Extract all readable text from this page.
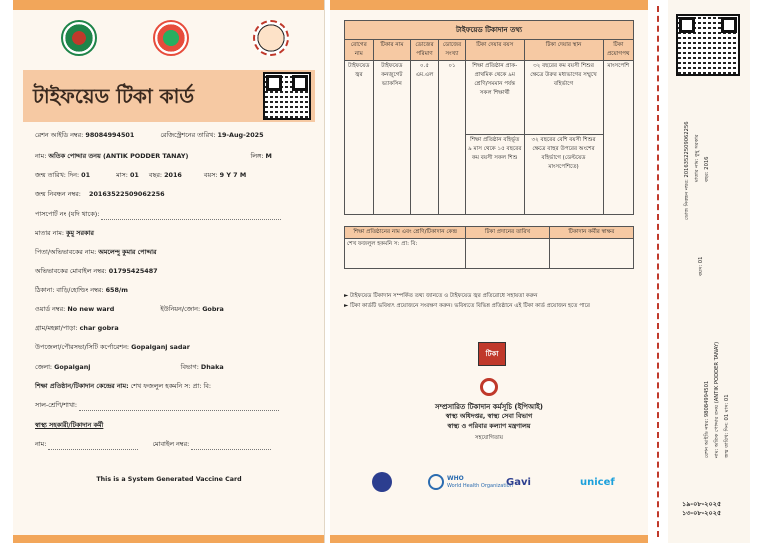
টাইফয়েড টিকা কার্ড
রেশন আইডি নম্বর: 98084994501	রেজিস্ট্রেশনের তারিখ: 19-Aug-2025
নাম: অতিক পোদ্দার তনয় (ANTIK PODDER TANAY)	লিঙ্গ: M
জন্ম তারিখ: দিন: 01	মাস: 01 বছর: 2016	বয়স: 9 Y 7 M
জন্ম নিবন্ধন নম্বর: 20163522509062256
পাসপোর্ট নং (যদি থাকে):
মাতার নাম: কুমু সরকার
পিতা/অভিভাবকের নাম: অমলেন্দু কুমার পোদ্দার
অভিভাবকের মোবাইল নম্বর: 01795425487
ঠিকানা: বাড়ি/হোল্ডিং নম্বর: 658/m
ওয়ার্ড নম্বর: No new ward	ইউনিয়ন/জোন: Gobra
গ্রাম/মহল্লা/পাড়া: char gobra
উপজেলা/পৌরসভা/সিটি কর্পোরেশন: Gopalganj sadar
জেলা: Gopalganj	বিভাগ: Dhaka
শিক্ষা প্রতিষ্ঠান/টিকাদান কেন্দ্রের নাম: শেখ ফজলুল হকমনি স: প্রা: বি:
সাল-শ্রেণি/শাখা:
স্বাস্থ্য সহকারী/টিকাদান কর্মী
নাম:	মোবাইল নম্বর:
This is a System Generated Vaccine Card
টাইফয়েড টিকাদান তথ্য						
রোগের নাম	টিকার নাম	ডোজের পরিমাণ	ডোজের সংখ্যা	টিকা দেয়ার বয়স	টিকা দেয়ার স্থান	টিকা প্রয়োগপথ
টাইফয়েড জ্বর	টাইফয়েড কনজুগেট ভ্যাকসিন	০.৫ এম.এল	০১	শিক্ষা প্রতিষ্ঠান প্রাক-প্রাথমিক থেকে ৯ম শ্রেণি/সমমান পর্যন্ত সকল শিক্ষার্থী	৩২ বছরের কম বয়সী শিশুর ক্ষেত্রে উরুর মধ্যভাগের সম্মুখে বহির্ভাগে	মাংসপেশি
				শিক্ষা প্রতিষ্ঠান বহির্ভূত ৯ মাস থেকে ১৫ বছরের কম বয়সী সকল শিশু	৩২ বছরের বেশি বয়সী শিশুর ক্ষেত্রে বাহুর উপরের অংশের বহির্ভাগে (ডেল্টয়েড মাংসপেশিতে)	
শিক্ষা প্রতিষ্ঠানের নাম এবং শ্রেণি/টিকাদান কেন্দ্র	টিকা প্রদানের তারিখ	টিকাদান কর্মীর স্বাক্ষর
শেখ ফজলুল হকমনি স: প্রা: বি:		
► টাইফয়েড টিকাদান সম্পর্কিত তথ্য জানতে ও টাইফয়েড জ্বর প্রতিরোধে সহায়তা করুন
► টিকা কার্ডটি ভবিষ্যৎ প্রয়োজনে সংরক্ষণ করুন। ভবিষ্যতে বিভিন্ন প্রতিষ্ঠানে এই টিকা কার্ড প্রয়োজন হতে পারে
টিকা
সম্প্রসারিত টিকাদান কর্মসূচি (ইপিআই)
স্বাস্থ্য অধিদপ্তর, স্বাস্থ্য সেবা বিভাগ
স্বাস্থ্য ও পরিবার কল্যাণ মন্ত্রণালয়
সহযোগিতায়
WHO
World Health Organization
Gavi	unicef
ডোজ নিবন্ধন নম্বর: 20163522509062256 মাতার নাম: কুমু সরকার বছর: 2016
বয়স: 01
নাম: অতিক পোদ্দার তনয় (ANTIK PODDER TANAY)
রেশন আইডি নম্বর: 98084994501	জন্ম তারিখ: দিন: 01 মাস: 01
১৯-০৮-২০২৫
১৩-০৮-২০২৫
